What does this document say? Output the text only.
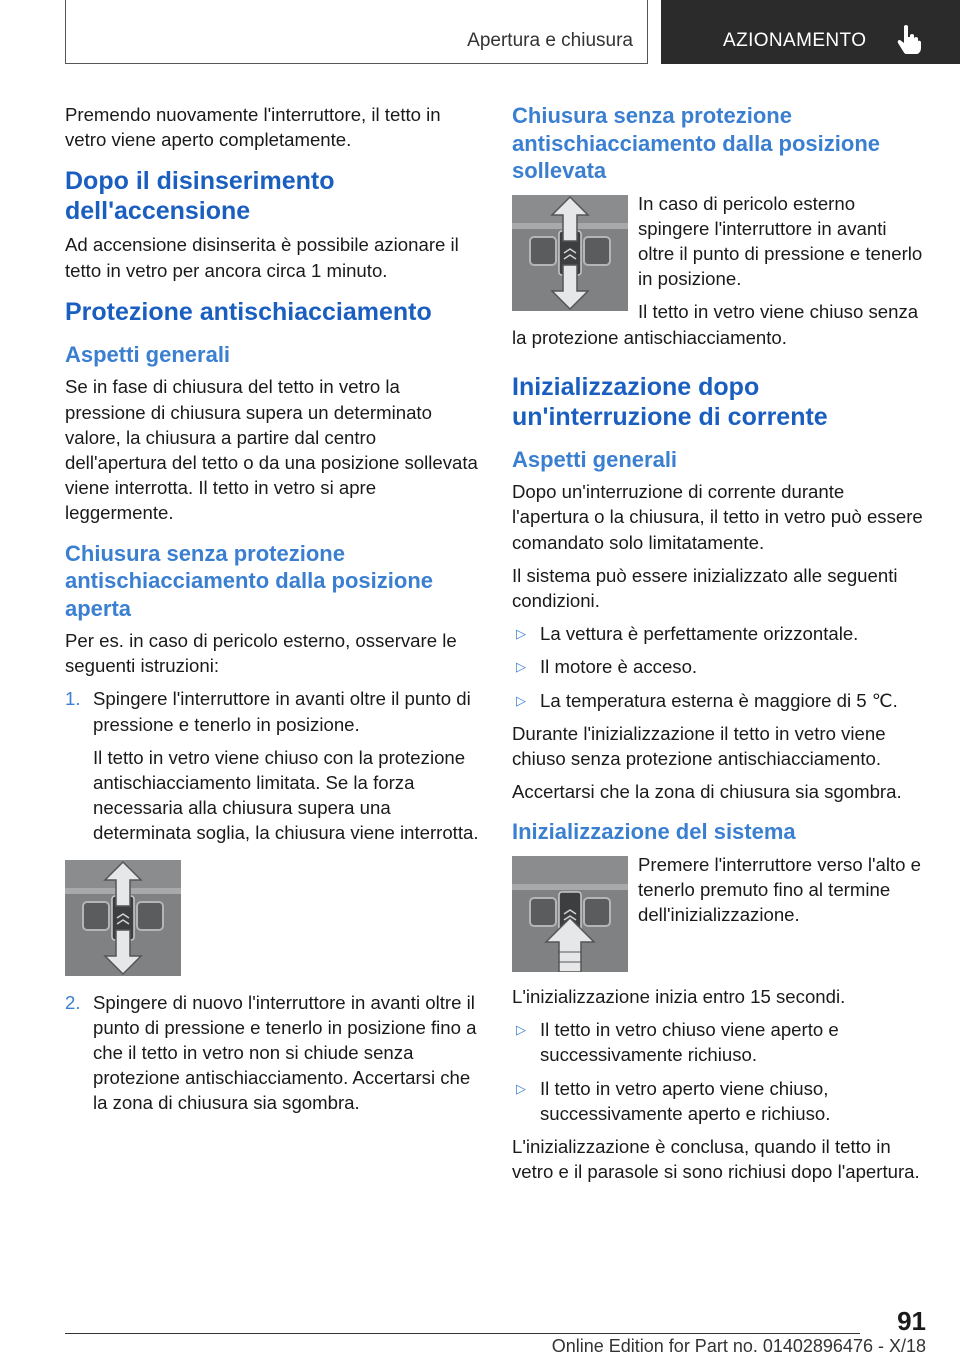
Apertura e chiusura	AZIONAMENTO

Premendo nuovamente l'interruttore, il tetto in vetro viene aperto completamente.

Dopo il disinserimento dell'accensione

Ad accensione disinserita è possibile azionare il tetto in vetro per ancora circa 1 minuto.

Protezione antischiacciamento
Aspetti generali

Se in fase di chiusura del tetto in vetro la pressione di chiusura supera un determinato valore, la chiusura a partire dal centro dell'apertura del tetto o da una posizione sollevata viene interrotta. Il tetto in vetro si apre leggermente.

Chiusura senza protezione antischiacciamento dalla posizione aperta

Per es. in caso di pericolo esterno, osservare le seguenti istruzioni:

1. Spingere l'interruttore in avanti oltre il punto di pressione e tenerlo in posizione.

Il tetto in vetro viene chiuso con la protezione antischiacciamento limitata. Se la forza necessaria alla chiusura supera una determinata soglia, la chiusura viene interrotta.

2. Spingere di nuovo l'interruttore in avanti oltre il punto di pressione e tenerlo in posizione fino a che il tetto in vetro non si chiude senza protezione antischiacciamento. Accertarsi che la zona di chiusura sia sgombra.

Chiusura senza protezione antischiacciamento dalla posizione sollevata

In caso di pericolo esterno spingere l'interruttore in avanti oltre il punto di pressione e tenerlo in posizione.

Il tetto in vetro viene chiuso senza la protezione antischiacciamento.

Inizializzazione dopo un'interruzione di corrente
Aspetti generali

Dopo un'interruzione di corrente durante l'apertura o la chiusura, il tetto in vetro può essere comandato solo limitatamente.

Il sistema può essere inizializzato alle seguenti condizioni.

▷ La vettura è perfettamente orizzontale.

▷ Il motore è acceso.

▷ La temperatura esterna è maggiore di 5 ℃.

Durante l'inizializzazione il tetto in vetro viene chiuso senza protezione antischiacciamento.

Accertarsi che la zona di chiusura sia sgombra.

Inizializzazione del sistema

Premere l'interruttore verso l'alto e tenerlo premuto fino al termine dell'inizializzazione.

L'inizializzazione inizia entro 15 secondi.

▷ Il tetto in vetro chiuso viene aperto e successivamente richiuso.

▷ Il tetto in vetro aperto viene chiuso, successivamente aperto e richiuso.

L'inizializzazione è conclusa, quando il tetto in vetro e il parasole si sono richiusi dopo l'apertura.

91
Online Edition for Part no. 01402896476 - X/18
